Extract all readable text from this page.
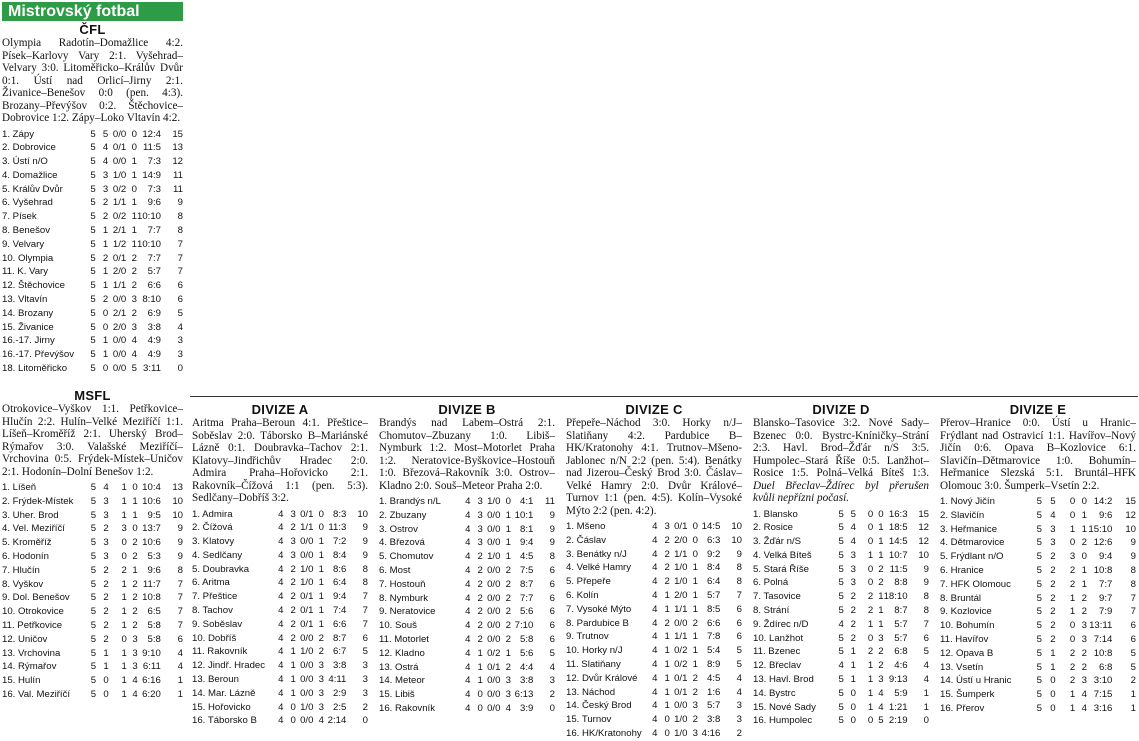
Mistrovský fotbal
ČFL

Olympia Radotín–Domažlice 4:2. Písek–Karlovy Vary 2:1. Vyšehrad–Velvary 3:0. Litoměřicko–Králův Dvůr 0:1. Ústí nad Orlicí–Jirny 2:1. Živanice–Benešov 0:0 (pen. 4:3). Brozany–Převýšov 0:2. Štěchovice–Dobrovice 1:2. Zápy–Loko Vltavín 4:2.

1. Zápy	5	5	0/0	0	12:4	15
2. Dobrovice	5	4	0/1	0	11:5	13
3. Ústí n/O	5	4	0/0	1	7:3	12
4. Domažlice	5	3	1/0	1	14:9	11
5. Králův Dvůr	5	3	0/2	0	7:3	11
6. Vyšehrad	5	2	1/1	1	9:6	9
7. Písek	5	2	0/2	1	10:10	8
8. Benešov	5	1	2/1	1	7:7	8
9. Velvary	5	1	1/2	1	10:10	7
10. Olympia	5	2	0/1	2	7:7	7
11. K. Vary	5	1	2/0	2	5:7	7
12. Štěchovice	5	1	1/1	2	6:6	6
13. Vltavín	5	2	0/0	3	8:10	6
14. Brozany	5	0	2/1	2	6:9	5
15. Živanice	5	0	2/0	3	3:8	4
16.-17. Jirny	5	1	0/0	4	4:9	3
16.-17. Převýšov	5	1	0/0	4	4:9	3
18. Litoměřicko	5	0	0/0	5	3:11	0
MSFL

Otrokovice–Vyškov 1:1. Petřkovice–Hlučín 2:2. Hulín–Velké Meziříčí 1:1. Líšeň–Kroměříž 2:1. Uherský Brod–Rýmařov 3:0. Valašské Meziříčí–Vrchovina 0:5. Frýdek-Místek–Uničov 2:1. Hodonín–Dolní Benešov 1:2.

1. Líšeň	5	4	1	0	10:4	13
2. Frýdek-Místek	5	3	1	1	10:6	10
3. Uher. Brod	5	3	1	1	9:5	10
4. Vel. Meziříčí	5	2	3	0	13:7	9
5. Kroměříž	5	3	0	2	10:6	9
6. Hodonín	5	3	0	2	5:3	9
7. Hlučín	5	2	2	1	9:6	8
8. Vyškov	5	2	1	2	11:7	7
9. Dol. Benešov	5	2	1	2	10:8	7
10. Otrokovice	5	2	1	2	6:5	7
11. Petřkovice	5	2	1	2	5:8	7
12. Uničov	5	2	0	3	5:8	6
13. Vrchovina	5	1	1	3	9:10	4
14. Rýmařov	5	1	1	3	6:11	4
15. Hulín	5	0	1	4	6:16	1
16. Val. Meziříčí	5	0	1	4	6:20	1
DIVIZE A

Aritma Praha–Beroun 4:1. Přeštice–Soběslav 2:0. Táborsko B–Mariánské Lázně 0:1. Doubravka–Tachov 2:1. Klatovy–Jindřichův Hradec 2:0. Admira Praha–Hořovicko 2:1. Rakovník–Čížová 1:1 (pen. 5:3). Sedlčany–Dobříš 3:2.

1. Admira	4	3	0/1	0	8:3	10
2. Čížová	4	2	1/1	0	11:3	9
3. Klatovy	4	3	0/0	1	7:2	9
4. Sedlčany	4	3	0/0	1	8:4	9
5. Doubravka	4	2	1/0	1	8:6	8
6. Aritma	4	2	1/0	1	6:4	8
7. Přeštice	4	2	0/1	1	9:4	7
8. Tachov	4	2	0/1	1	7:4	7
9. Soběslav	4	2	0/1	1	6:6	7
10. Dobříš	4	2	0/0	2	8:7	6
11. Rakovník	4	1	1/0	2	6:7	5
12. Jindř. Hradec	4	1	0/0	3	3:8	3
13. Beroun	4	1	0/0	3	4:11	3
14. Mar. Lázně	4	1	0/0	3	2:9	3
15. Hořovicko	4	0	1/0	3	2:5	2
16. Táborsko B	4	0	0/0	4	2:14	0
DIVIZE B

Brandýs nad Labem–Ostrá 2:1. Chomutov–Zbuzany 1:0. Libiš–Nymburk 1:2. Most–Motorlet Praha 1:2. Neratovice-Byškovice–Hostouň 1:0. Březová–Rakovník 3:0. Ostrov–Kladno 2:0. Souš–Meteor Praha 2:0.

1. Brandýs n/L	4	3	1/0	0	4:1	11
2. Zbuzany	4	3	0/0	1	10:1	9
3. Ostrov	4	3	0/0	1	8:1	9
4. Březová	4	3	0/0	1	9:4	9
5. Chomutov	4	2	1/0	1	4:5	8
6. Most	4	2	0/0	2	7:5	6
7. Hostouň	4	2	0/0	2	8:7	6
8. Nymburk	4	2	0/0	2	7:7	6
9. Neratovice	4	2	0/0	2	5:6	6
10. Souš	4	2	0/0	2	7:10	6
11. Motorlet	4	2	0/0	2	5:8	6
12. Kladno	4	1	0/2	1	5:6	5
13. Ostrá	4	1	0/1	2	4:4	4
14. Meteor	4	1	0/0	3	3:8	3
15. Libiš	4	0	0/0	3	6:13	2
16. Rakovník	4	0	0/0	4	3:9	0
DIVIZE C

Přepeře–Náchod 3:0. Horky n/J–Slatiňany 4:2. Pardubice B–HK/Kratonohy 4:1. Trutnov–Mšeno-Jablonec n/N 2:2 (pen. 5:4). Benátky nad Jizerou–Český Brod 3:0. Čáslav–Velké Hamry 2:0. Dvůr Králové–Turnov 1:1 (pen. 4:5). Kolín–Vysoké Mýto 2:2 (pen. 4:2).

1. Mšeno	4	3	0/1	0	14:5	10
2. Čáslav	4	2	2/0	0	6:3	10
3. Benátky n/J	4	2	1/1	0	9:2	9
4. Velké Hamry	4	2	1/0	1	8:4	8
5. Přepeře	4	2	1/0	1	6:4	8
6. Kolín	4	1	2/0	1	5:7	7
7. Vysoké Mýto	4	1	1/1	1	8:5	6
8. Pardubice B	4	2	0/0	2	6:6	6
9. Trutnov	4	1	1/1	1	7:8	6
10. Horky n/J	4	1	0/2	1	5:4	5
11. Slatiňany	4	1	0/2	1	8:9	5
12. Dvůr Králové	4	1	0/1	2	4:5	4
13. Náchod	4	1	0/1	2	1:6	4
14. Český Brod	4	1	0/0	3	5:7	3
15. Turnov	4	0	1/0	2	3:8	3
16. HK/Kratonohy	4	0	1/0	3	4:16	2
DIVIZE D

Blansko–Tasovice 3:2. Nové Sady–Bzenec 0:0. Bystrc-Kníničky–Strání 2:3. Havl. Brod–Žďár n/S 3:5. Humpolec–Stará Říše 0:5. Lanžhot–Rosice 1:5. Polná–Velká Bíteš 1:3. Duel Břeclav–Ždírec byl přerušen kvůli nepřízni počasí.

1. Blansko	5	5	0	0	16:3	15
2. Rosice	5	4	0	1	18:5	12
3. Žďár n/S	5	4	0	1	14:5	12
4. Velká Bíteš	5	3	1	1	10:7	10
5. Stará Říše	5	3	0	2	11:5	9
6. Polná	5	3	0	2	8:8	9
7. Tasovice	5	2	2	1	18:10	8
8. Strání	5	2	2	1	8:7	8
9. Ždírec n/D	4	2	1	1	5:7	7
10. Lanžhot	5	2	0	3	5:7	6
11. Bzenec	5	1	2	2	6:8	5
12. Břeclav	4	1	1	2	4:6	4
13. Havl. Brod	5	1	1	3	9:13	4
14. Bystrc	5	0	1	4	5:9	1
15. Nové Sady	5	0	1	4	1:21	1
16. Humpolec	5	0	0	5	2:19	0
DIVIZE E

Přerov–Hranice 0:0. Ústí u Hranic–Frýdlant nad Ostravicí 1:1. Havířov–Nový Jičín 0:6. Opava B–Kozlovice 6:1. Slavičín–Dětmarovice 1:0. Bohumín–Heřmanice Slezská 5:1. Bruntál–HFK Olomouc 3:0. Šumperk–Vsetín 2:2.

1. Nový Jičín	5	5	0	0	14:2	15
2. Slavičín	5	4	0	1	9:6	12
3. Heřmanice	5	3	1	1	15:10	10
4. Dětmarovice	5	3	0	2	12:6	9
5. Frýdlant n/O	5	2	3	0	9:4	9
6. Hranice	5	2	2	1	10:8	8
7. HFK Olomouc	5	2	2	1	7:7	8
8. Bruntál	5	2	1	2	9:7	7
9. Kozlovice	5	2	1	2	7:9	7
10. Bohumín	5	2	0	3	13:11	6
11. Havířov	5	2	0	3	7:14	6
12. Opava B	5	1	2	2	10:8	5
13. Vsetín	5	1	2	2	6:8	5
14. Ústí u Hranic	5	0	2	3	3:10	2
15. Šumperk	5	0	1	4	7:15	1
16. Přerov	5	0	1	4	3:16	1
